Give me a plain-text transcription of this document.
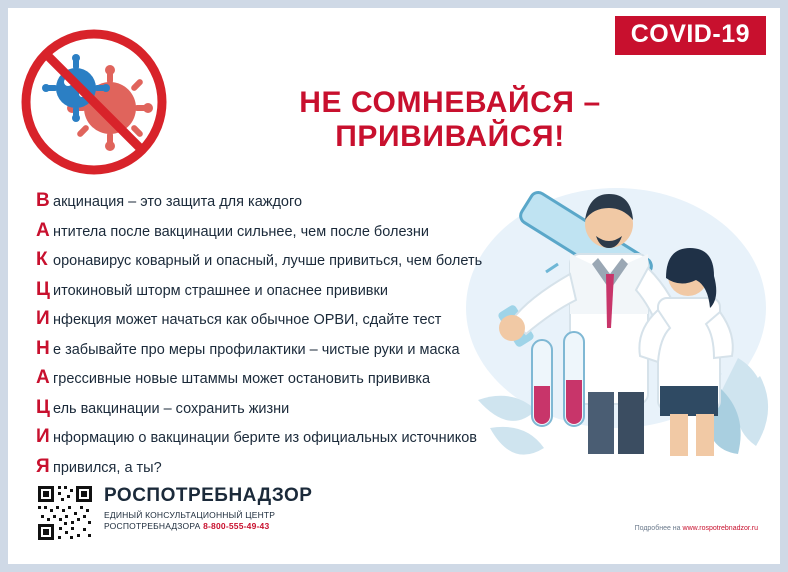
COVID-19
НЕ СОМНЕВАЙСЯ – ПРИВИВАЙСЯ!
В акцинация – это защита для каждого
А нтитела после вакцинации сильнее, чем после болезни
К оронавирус коварный и опасный, лучше привиться, чем болеть
Ц итокиновый шторм страшнее и опаснее прививки
И нфекция может начаться как обычное ОРВИ, сдайте тест
Н е забывайте про меры профилактики – чистые руки и маска
А грессивные новые штаммы может остановить прививка
Ц ель вакцинации – сохранить жизни
И нформацию о вакцинации берите из официальных источников
Я привился, а ты?
РОСПОТРЕБНАДЗОР
ЕДИНЫЙ КОНСУЛЬТАЦИОННЫЙ ЦЕНТР
РОСПОТРЕБНАДЗОРА 8-800-555-49-43	Подробнее на www.rospotrebnadzor.ru
